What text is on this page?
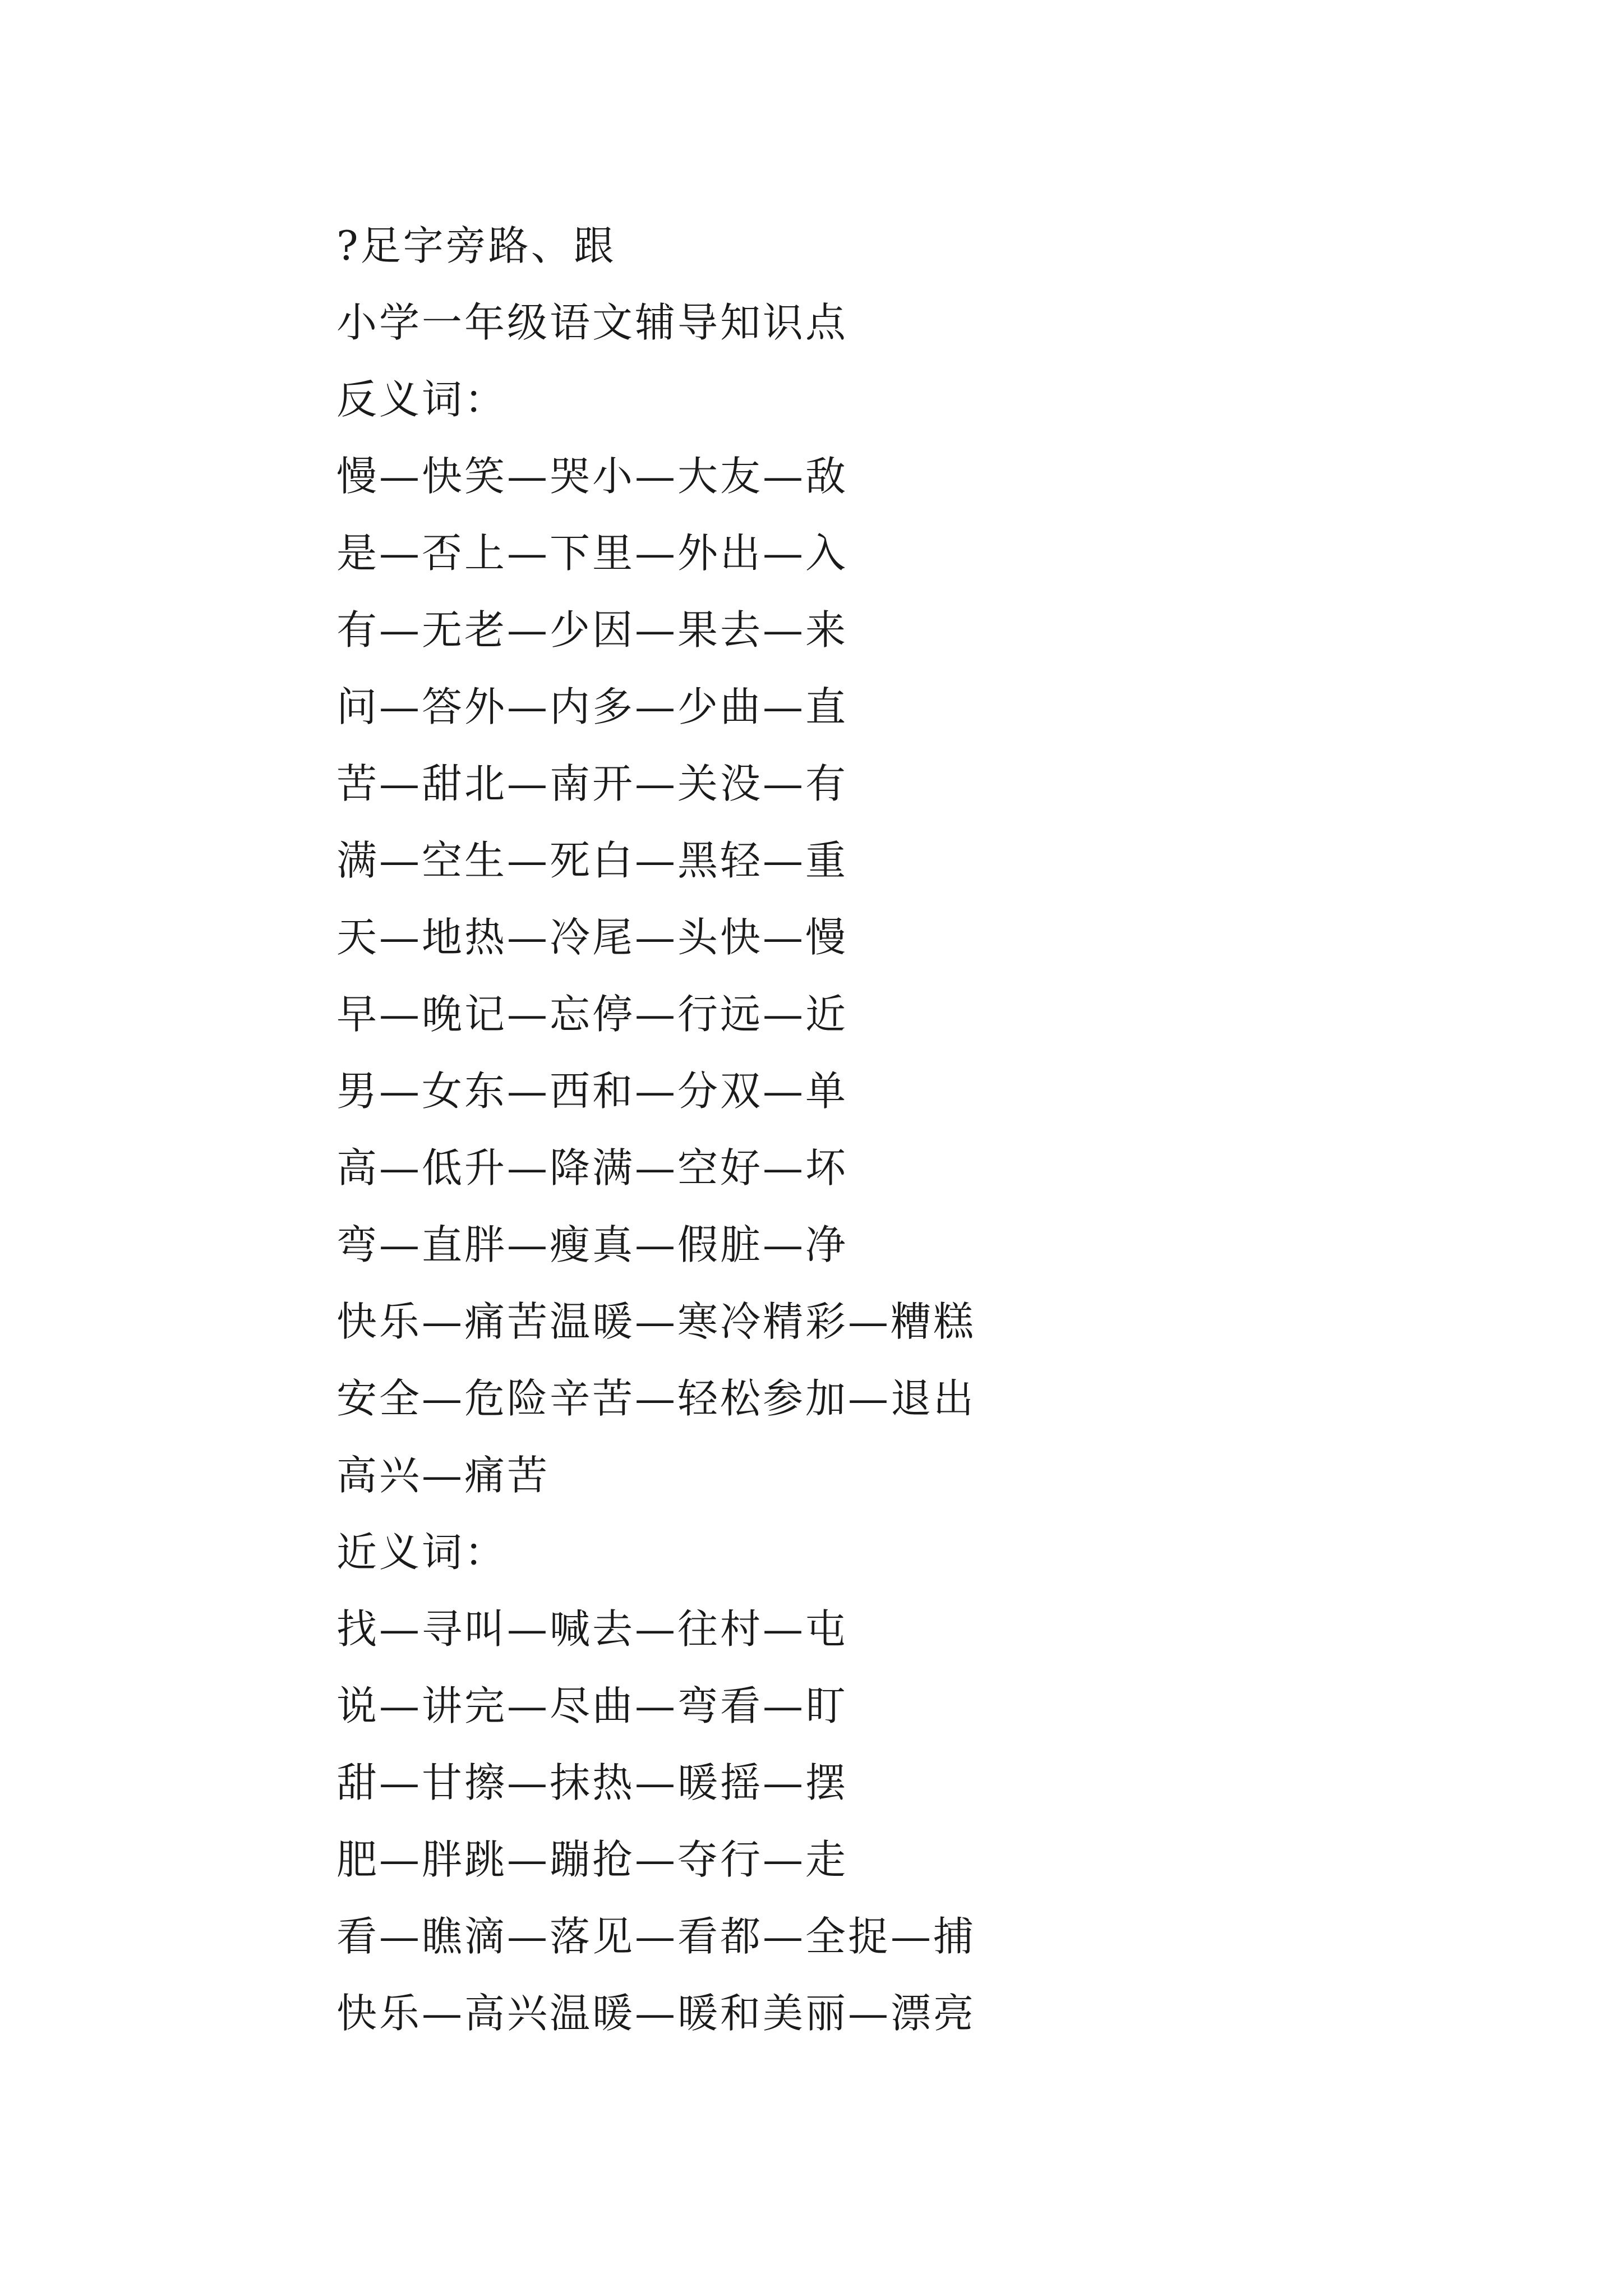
?足字旁路、跟
小学一年级语文辅导知识点
反义词：
慢—快笑—哭小—大友—敌
是—否上—下里—外出—入
有—无老—少因—果去—来
问—答外—内多—少曲—直
苦—甜北—南开—关没—有
满—空生—死白—黑轻—重
天—地热—冷尾—头快—慢
早—晚记—忘停—行远—近
男—女东—西和—分双—单
高—低升—降满—空好—坏
弯—直胖—瘦真—假脏—净
快乐—痛苦温暖—寒冷精彩—糟糕
安全—危险辛苦—轻松参加—退出
高兴—痛苦
近义词：
找—寻叫—喊去—往村—屯
说—讲完—尽曲—弯看—盯
甜—甘擦—抹热—暖摇—摆
肥—胖跳—蹦抢—夺行—走
看—瞧滴—落见—看都—全捉—捕
快乐—高兴温暖—暖和美丽—漂亮
